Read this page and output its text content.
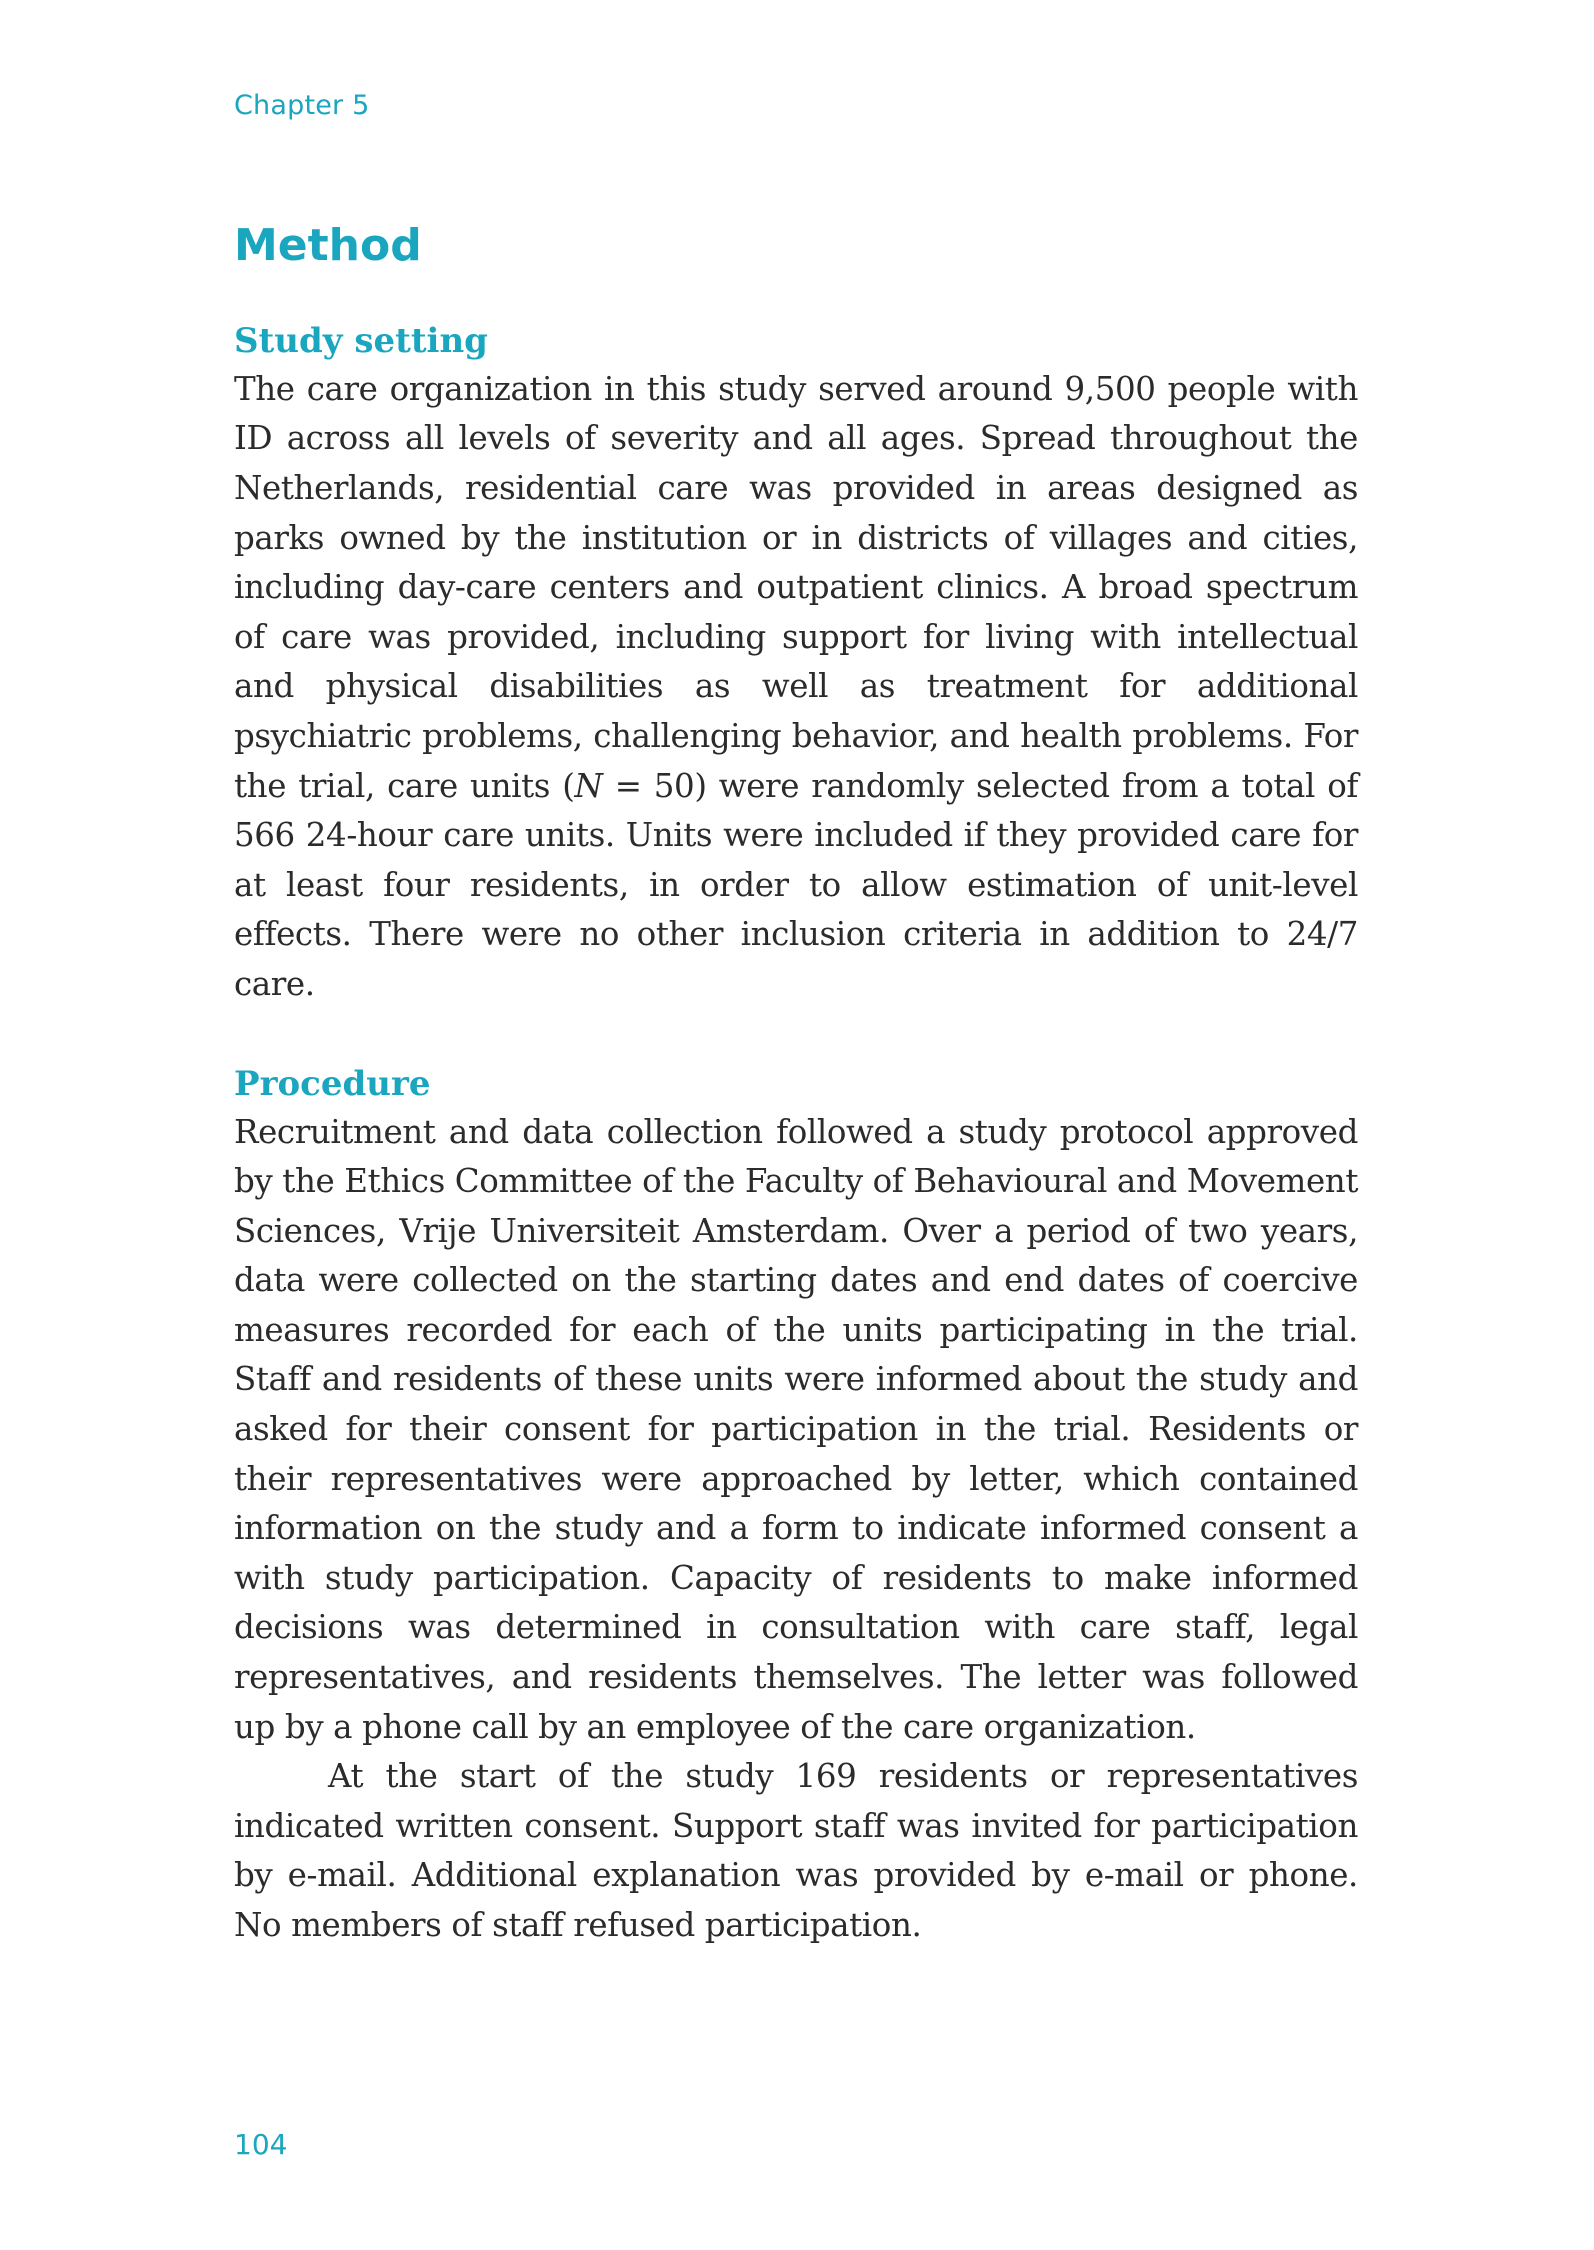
Chapter 5
Method
Study setting

The care organization in this study served around 9,500 people with ID across all levels of severity and all ages. Spread throughout the Netherlands, residential care was provided in areas designed as parks owned by the institution or in districts of villages and cities, including day-care centers and outpatient clinics. A broad spectrum of care was provided, including support for living with intellectual and physical disabilities as well as treatment for additional psychiatric problems, challenging behavior, and health problems. For the trial, care units (N = 50) were randomly selected from a total of 566 24-hour care units. Units were included if they provided care for at least four residents, in order to allow estimation of unit-level effects. There were no other inclusion criteria in addition to 24/7 care.

Procedure

Recruitment and data collection followed a study protocol approved by the Ethics Committee of the Faculty of Behavioural and Movement Sciences, Vrije Universiteit Amsterdam. Over a period of two years, data were collected on the starting dates and end dates of coercive measures recorded for each of the units participating in the trial. Staff and residents of these units were informed about the study and asked for their consent for participation in the trial. Residents or their representatives were approached by letter, which contained information on the study and a form to indicate informed consent a with study participation. Capacity of residents to make informed decisions was determined in consultation with care staff, legal representatives, and residents themselves. The letter was followed up by a phone call by an employee of the care organization.

At the start of the study 169 residents or representatives indicated written consent. Support staff was invited for participation by e-mail. Additional explanation was provided by e-mail or phone. No members of staff refused participation.

104
